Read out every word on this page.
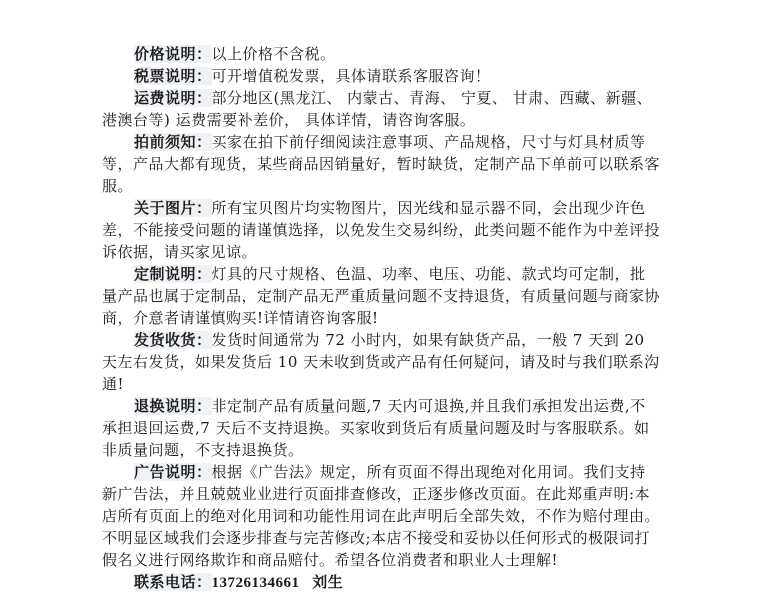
价格说明：以上价格不含税。

税票说明：可开增值税发票，具体请联系客服咨询！

运费说明：部分地区(黑龙江、 内蒙古、青海、 宁夏、 甘肃、西藏、新疆、港澳台等) 运费需要补差价， 具体详情，请咨询客服。

拍前须知：买家在拍下前仔细阅读注意事项、产品规格，尺寸与灯具材质等等，产品大都有现货，某些商品因销量好，暂时缺货，定制产品下单前可以联系客服。

关于图片：所有宝贝图片均实物图片，因光线和显示器不同，会出现少许色差，不能接受问题的请谨慎选择，以免发生交易纠纷，此类问题不能作为中差评投诉依据，请买家见谅。

定制说明：灯具的尺寸规格、色温、功率、电压、功能、款式均可定制，批量产品也属于定制品，定制产品无严重质量问题不支持退货，有质量问题与商家协商，介意者请谨慎购买!详情请咨询客服!

发货收货：发货时间通常为 72 小时内，如果有缺货产品，一般 7 天到 20 天左右发货，如果发货后 10 天未收到货或产品有任何疑问，请及时与我们联系沟通!

退换说明：非定制产品有质量问题,7 天内可退换,并且我们承担发出运费,不承担退回运费,7 天后不支持退换。买家收到货后有质量问题及时与客服联系。如非质量问题，不支持退换货。

广告说明：根据《广告法》规定，所有页面不得出现绝对化用词。我们支持新广告法，并且兢兢业业进行页面排查修改，正逐步修改页面。在此郑重声明:本店所有页面上的绝对化用词和功能性用词在此声明后全部失效，不作为赔付理由。不明显区域我们会逐步排查与完苦修改;本店不接受和妥协以任何形式的极限词打假名义进行网络欺诈和商品赔付。希望各位消费者和职业人士理解!

联系电话：13726134661 刘生
